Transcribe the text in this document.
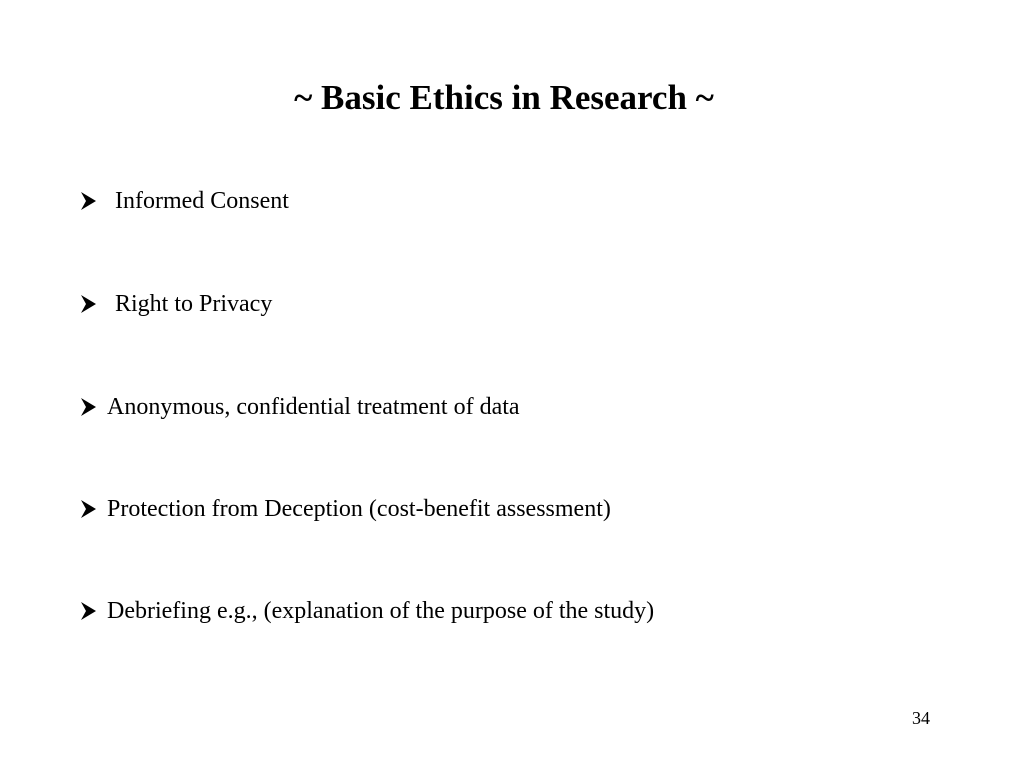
~ Basic Ethics in Research ~
Informed Consent
Right to Privacy
Anonymous, confidential treatment of data
Protection from Deception (cost-benefit assessment)
Debriefing e.g., (explanation of the purpose of the study)
34
